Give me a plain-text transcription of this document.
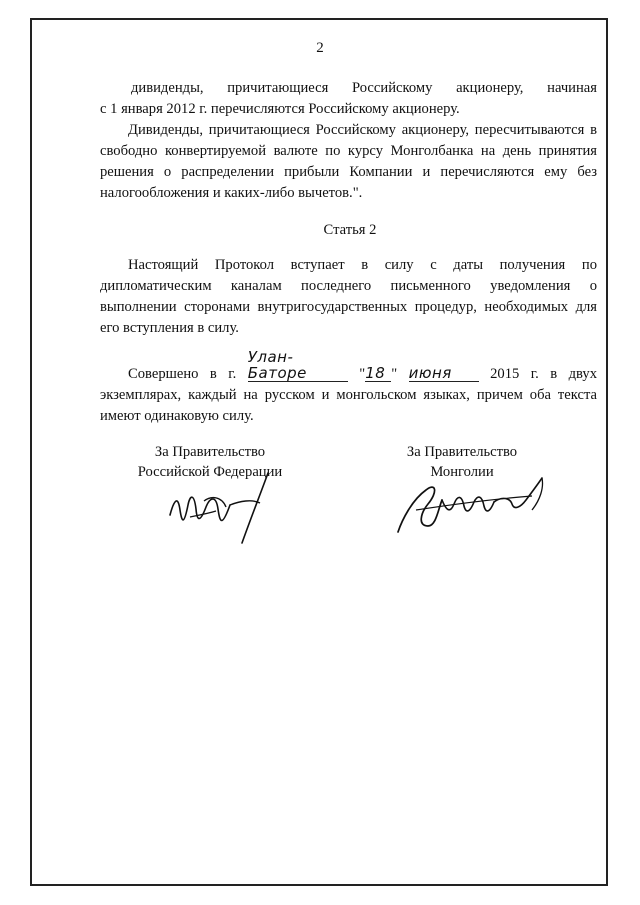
2

дивиденды, причитающиеся Российскому акционеру, начиная

с 1 января 2012 г. перечисляются Российскому акционеру.

Дивиденды, причитающиеся Российскому акционеру, пересчитываются в свободно конвертируемой валюте по курсу Монголбанка на день принятия решения о распределении прибыли Компании и перечисляются ему без налогообложения и каких-либо вычетов.".

Статья 2

Настоящий Протокол вступает в силу с даты получения по дипломатическим каналам последнего письменного уведомления о выполнении сторонами внутригосударственных процедур, необходимых для его вступления в силу.

Совершено в г. Улан-Баторе	"18 " июня	2015 г. в двух экземплярах, каждый на русском и монгольском языках, причем оба текста имеют одинаковую силу.

За Правительство
Российской Федерации
За Правительство
Монголии
